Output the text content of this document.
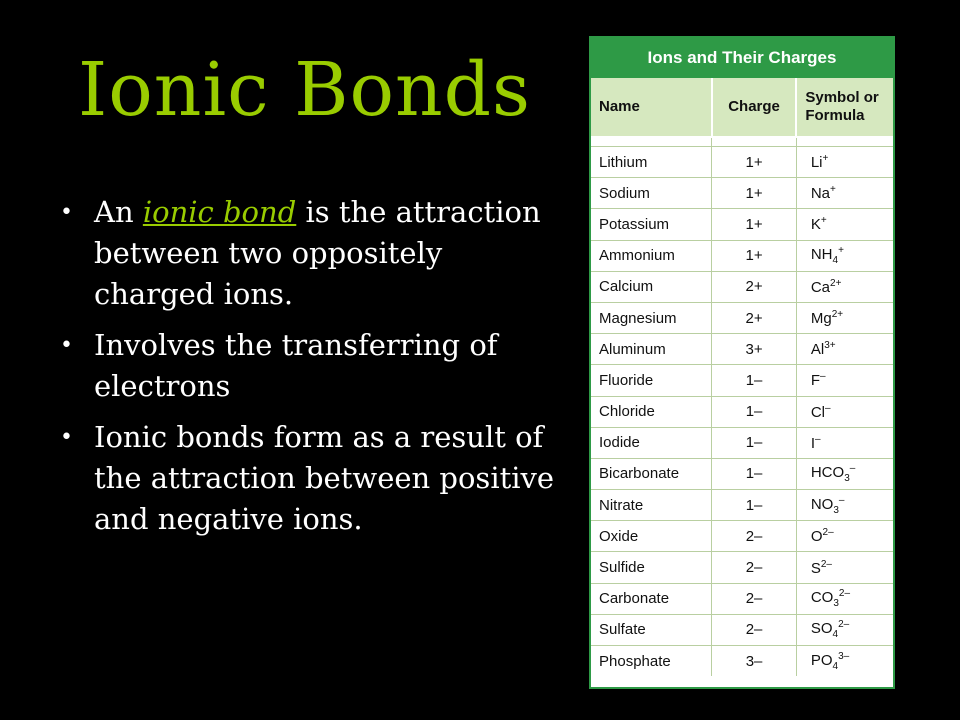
Ionic Bonds
• An ionic bond is the attraction between two oppositely charged ions.
• Involves the transferring of electrons
• Ionic bonds form as a result of the attraction between positive and negative ions.
Ions and Their Charges
Name	Charge	Symbol or
Formula

Lithium	1+	Li+
Sodium	1+	Na+
Potassium	1+	K+
Ammonium	1+	$NH_4^+$
Calcium	2+	$Ca^{2+}$
Magnesium	2+	$Mg^{2+}$
Aluminum	3+	$Al^{3+}$
Fluoride	1–	F–
Chloride	1–	Cl–
Iodide	1–	I–
Bicarbonate	1–	$HCO_3^-$
Nitrate	1–	$NO_3^-$
Oxide	2–	$O^{2-}$
Sulfide	2–	$S^{2-}$
Carbonate	2–	$CO_3^{2-}$
Sulfate	2–	$SO_4^{2-}$
Phosphate	3–	$PO_4^{3-}$
